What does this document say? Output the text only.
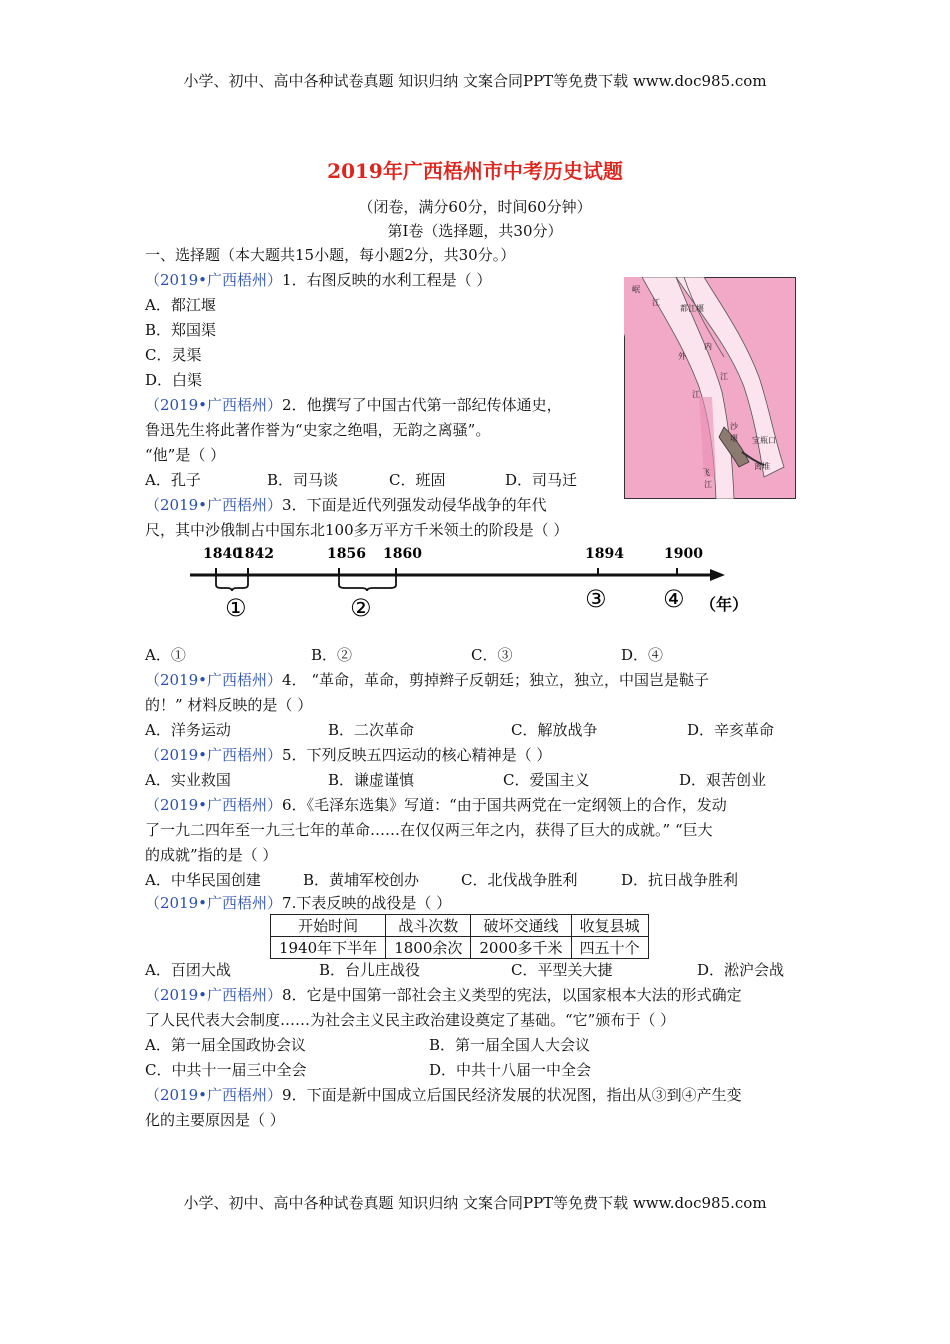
小学、初中、高中各种试卷真题 知识归纳 文案合同PPT等免费下载 www.doc985.com
2019年广西梧州市中考历史试题
（闭卷，满分60分，时间60分钟）
第Ⅰ卷（选择题，共30分）
一、选择题（本大题共15小题，每小题2分，共30分。）
（2019•广西梧州）1．右图反映的水利工程是（ ）
A．都江堰
B．郑国渠
C．灵渠
D．白渠
岷
江
都江堰
外
内
江
江
沙
堰 宝瓶口
离堆
飞
江
（2019•广西梧州）2．他撰写了中国古代第一部纪传体通史，
鲁迅先生将此著作誉为“史家之绝唱，无韵之离骚”。
“他”是（ ）
A．孔子	B．司马谈	C．班固	D．司马迁
（2019•广西梧州）3．下面是近代列强发动侵华战争的年代
尺，其中沙俄制占中国东北100多万平方千米领土的阶段是（ ）
1840
1842	1856 1860	1894	1900
①	②	③ ④ （年）
A．①	B．②	C．③	D．④
（2019•广西梧州）4． “革命，革命，剪掉辫子反朝廷；独立，独立，中国岂是鞑子
的！” 材料反映的是（ ）
A．洋务运动	B．二次革命	C．解放战争	D．辛亥革命
（2019•广西梧州）5．下列反映五四运动的核心精神是（ ）
A．实业救国	B．谦虚谨慎	C．爱国主义	D．艰苦创业
（2019•广西梧州）6．《毛泽东选集》写道：“由于国共两党在一定纲领上的合作，发动
了一九二四年至一九三七年的革命……在仅仅两三年之内，获得了巨大的成就。” “巨大
的成就”指的是（ ）
A．中华民国创建	B．黄埔军校创办	C．北伐战争胜利	D．抗日战争胜利
（2019•广西梧州）7.下表反映的战役是（ ）
开始时间	战斗次数	破坏交通线	收复县城
1940年下半年	1800余次	2000多千米	四五十个
A．百团大战	B．台儿庄战役	C．平型关大捷	D．淞沪会战
（2019•广西梧州）8．它是中国第一部社会主义类型的宪法，以国家根本大法的形式确定
了人民代表大会制度……为社会主义民主政治建设奠定了基础。“它”颁布于（ ）
A．第一届全国政协会议	B．第一届全国人大会议
C．中共十一届三中全会	D．中共十八届一中全会
（2019•广西梧州）9．下面是新中国成立后国民经济发展的状况图，指出从③到④产生变
化的主要原因是（ ）
小学、初中、高中各种试卷真题 知识归纳 文案合同PPT等免费下载 www.doc985.com
